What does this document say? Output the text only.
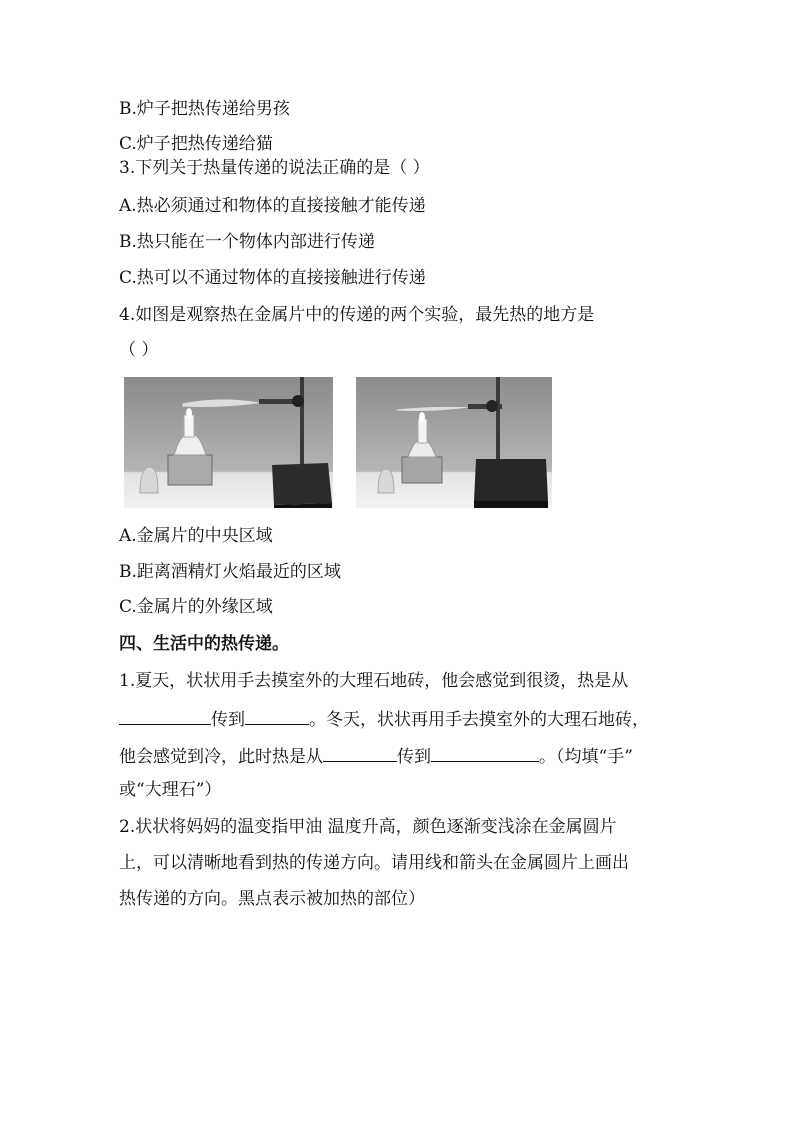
B.炉子把热传递给男孩
C.炉子把热传递给猫
3.下列关于热量传递的说法正确的是（ ）
A.热必须通过和物体的直接接触才能传递
B.热只能在一个物体内部进行传递
C.热可以不通过物体的直接接触进行传递
4.如图是观察热在金属片中的传递的两个实验，最先热的地方是
（ ）
A.金属片的中央区域
B.距离酒精灯火焰最近的区域
C.金属片的外缘区域
四、生活中的热传递。
1.夏天，状状用手去摸室外的大理石地砖，他会感觉到很烫，热是从
传到	。冬天，状状再用手去摸室外的大理石地砖，
他会感觉到冷，此时热是从	传到	。（均填“手”
或“大理石”）
2.状状将妈妈的温变指甲油 温度升高，颜色逐渐变浅涂在金属圆片
上，可以清晰地看到热的传递方向。请用线和箭头在金属圆片上画出
热传递的方向。黑点表示被加热的部位）
